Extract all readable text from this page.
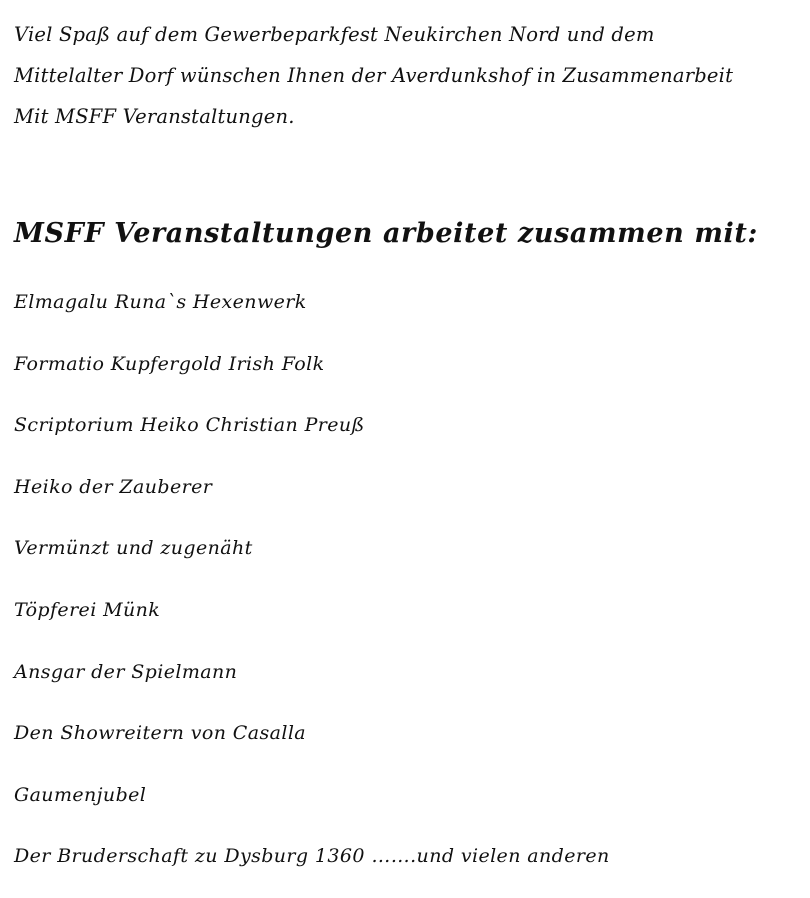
Viel Spaß auf dem Gewerbeparkfest Neukirchen Nord und dem
Mittelalter Dorf wünschen Ihnen der Averdunkshof in Zusammenarbeit
Mit MSFF Veranstaltungen.

MSFF Veranstaltungen arbeitet zusammen mit:
Elmagalu Runa`s Hexenwerk
Formatio Kupfergold Irish Folk
Scriptorium Heiko Christian Preuß
Heiko der Zauberer
Vermünzt und zugenäht
Töpferei Münk
Ansgar der Spielmann
Den Showreitern von Casalla
Gaumenjubel
Der Bruderschaft zu Dysburg 1360 …….und vielen anderen
